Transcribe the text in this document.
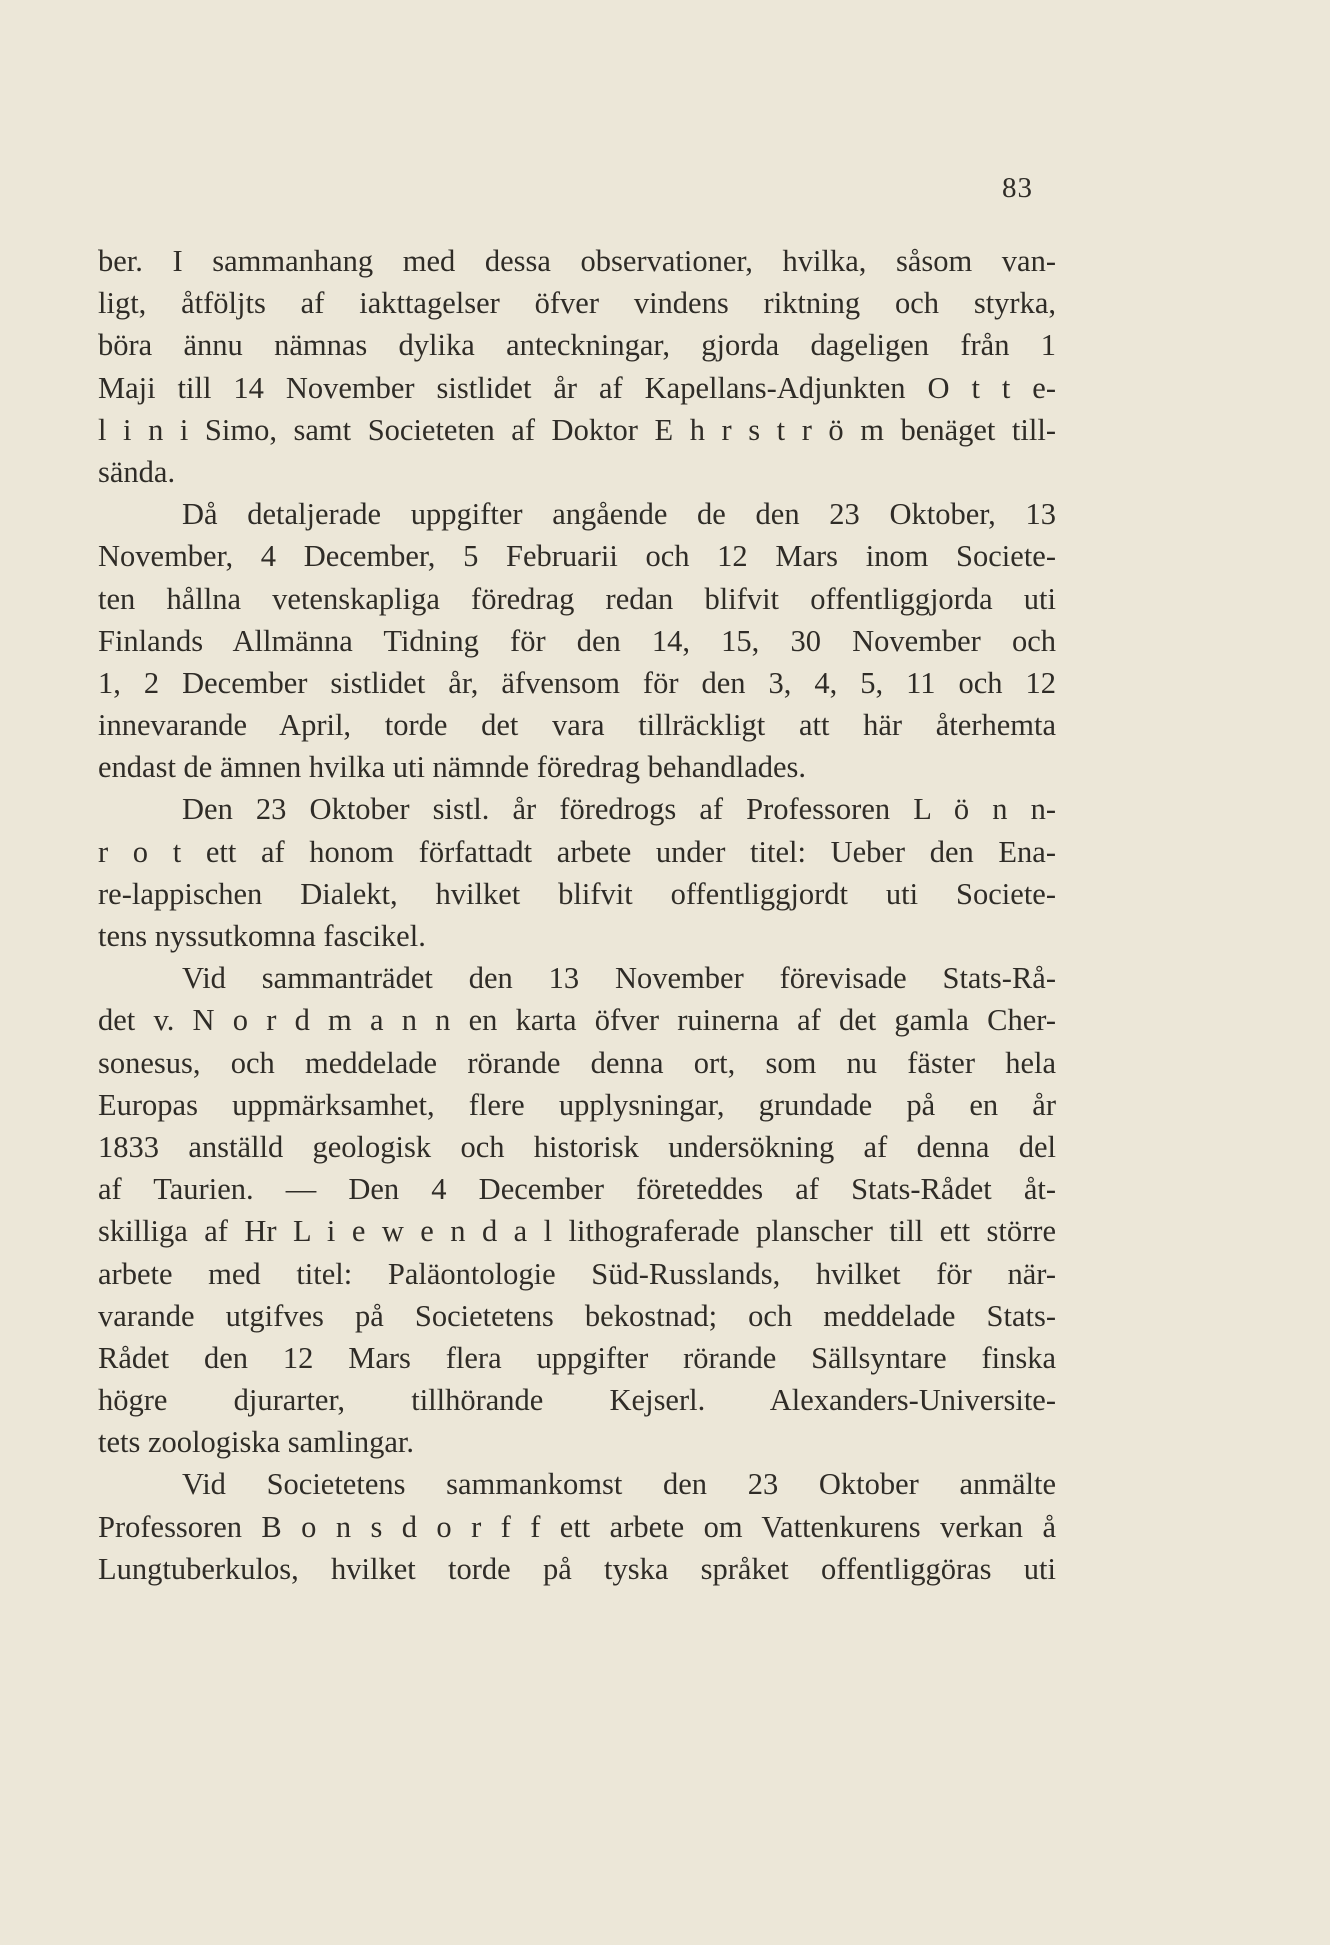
83
ber. I sammanhang med dessa observationer, hvilka, såsom van-
ligt, åtföljts af iakttagelser öfver vindens riktning och styrka,
böra ännu nämnas dylika anteckningar, gjorda dageligen från 1
Maji till 14 November sistlidet år af Kapellans-Adjunkten O t t e-
l i n i Simo, samt Societeten af Doktor E h r s t r ö m benäget till-
sända.
Då detaljerade uppgifter angående de den 23 Oktober, 13
November, 4 December, 5 Februarii och 12 Mars inom Societe-
ten hållna vetenskapliga föredrag redan blifvit offentliggjorda uti
Finlands Allmänna Tidning för den 14, 15, 30 November och
1, 2 December sistlidet år, äfvensom för den 3, 4, 5, 11 och 12
innevarande April, torde det vara tillräckligt att här återhemta
endast de ämnen hvilka uti nämnde föredrag behandlades.
Den 23 Oktober sistl. år föredrogs af Professoren L ö n n-
r o t ett af honom författadt arbete under titel: Ueber den Ena-
re-lappischen Dialekt, hvilket blifvit offentliggjordt uti Societe-
tens nyssutkomna fascikel.
Vid sammanträdet den 13 November förevisade Stats-Rå-
det v. N o r d m a n n en karta öfver ruinerna af det gamla Cher-
sonesus, och meddelade rörande denna ort, som nu fäster hela
Europas uppmärksamhet, flere upplysningar, grundade på en år
1833 anställd geologisk och historisk undersökning af denna del
af Taurien. — Den 4 December företeddes af Stats-Rådet åt-
skilliga af Hr L i e w e n d a l lithograferade planscher till ett större
arbete med titel: Paläontologie Süd-Russlands, hvilket för när-
varande utgifves på Societetens bekostnad; och meddelade Stats-
Rådet den 12 Mars flera uppgifter rörande Sällsyntare finska
högre djurarter, tillhörande Kejserl. Alexanders-Universite-
tets zoologiska samlingar.
Vid Societetens sammankomst den 23 Oktober anmälte
Professoren B o n s d o r f f ett arbete om Vattenkurens verkan å
Lungtuberkulos, hvilket torde på tyska språket offentliggöras uti
